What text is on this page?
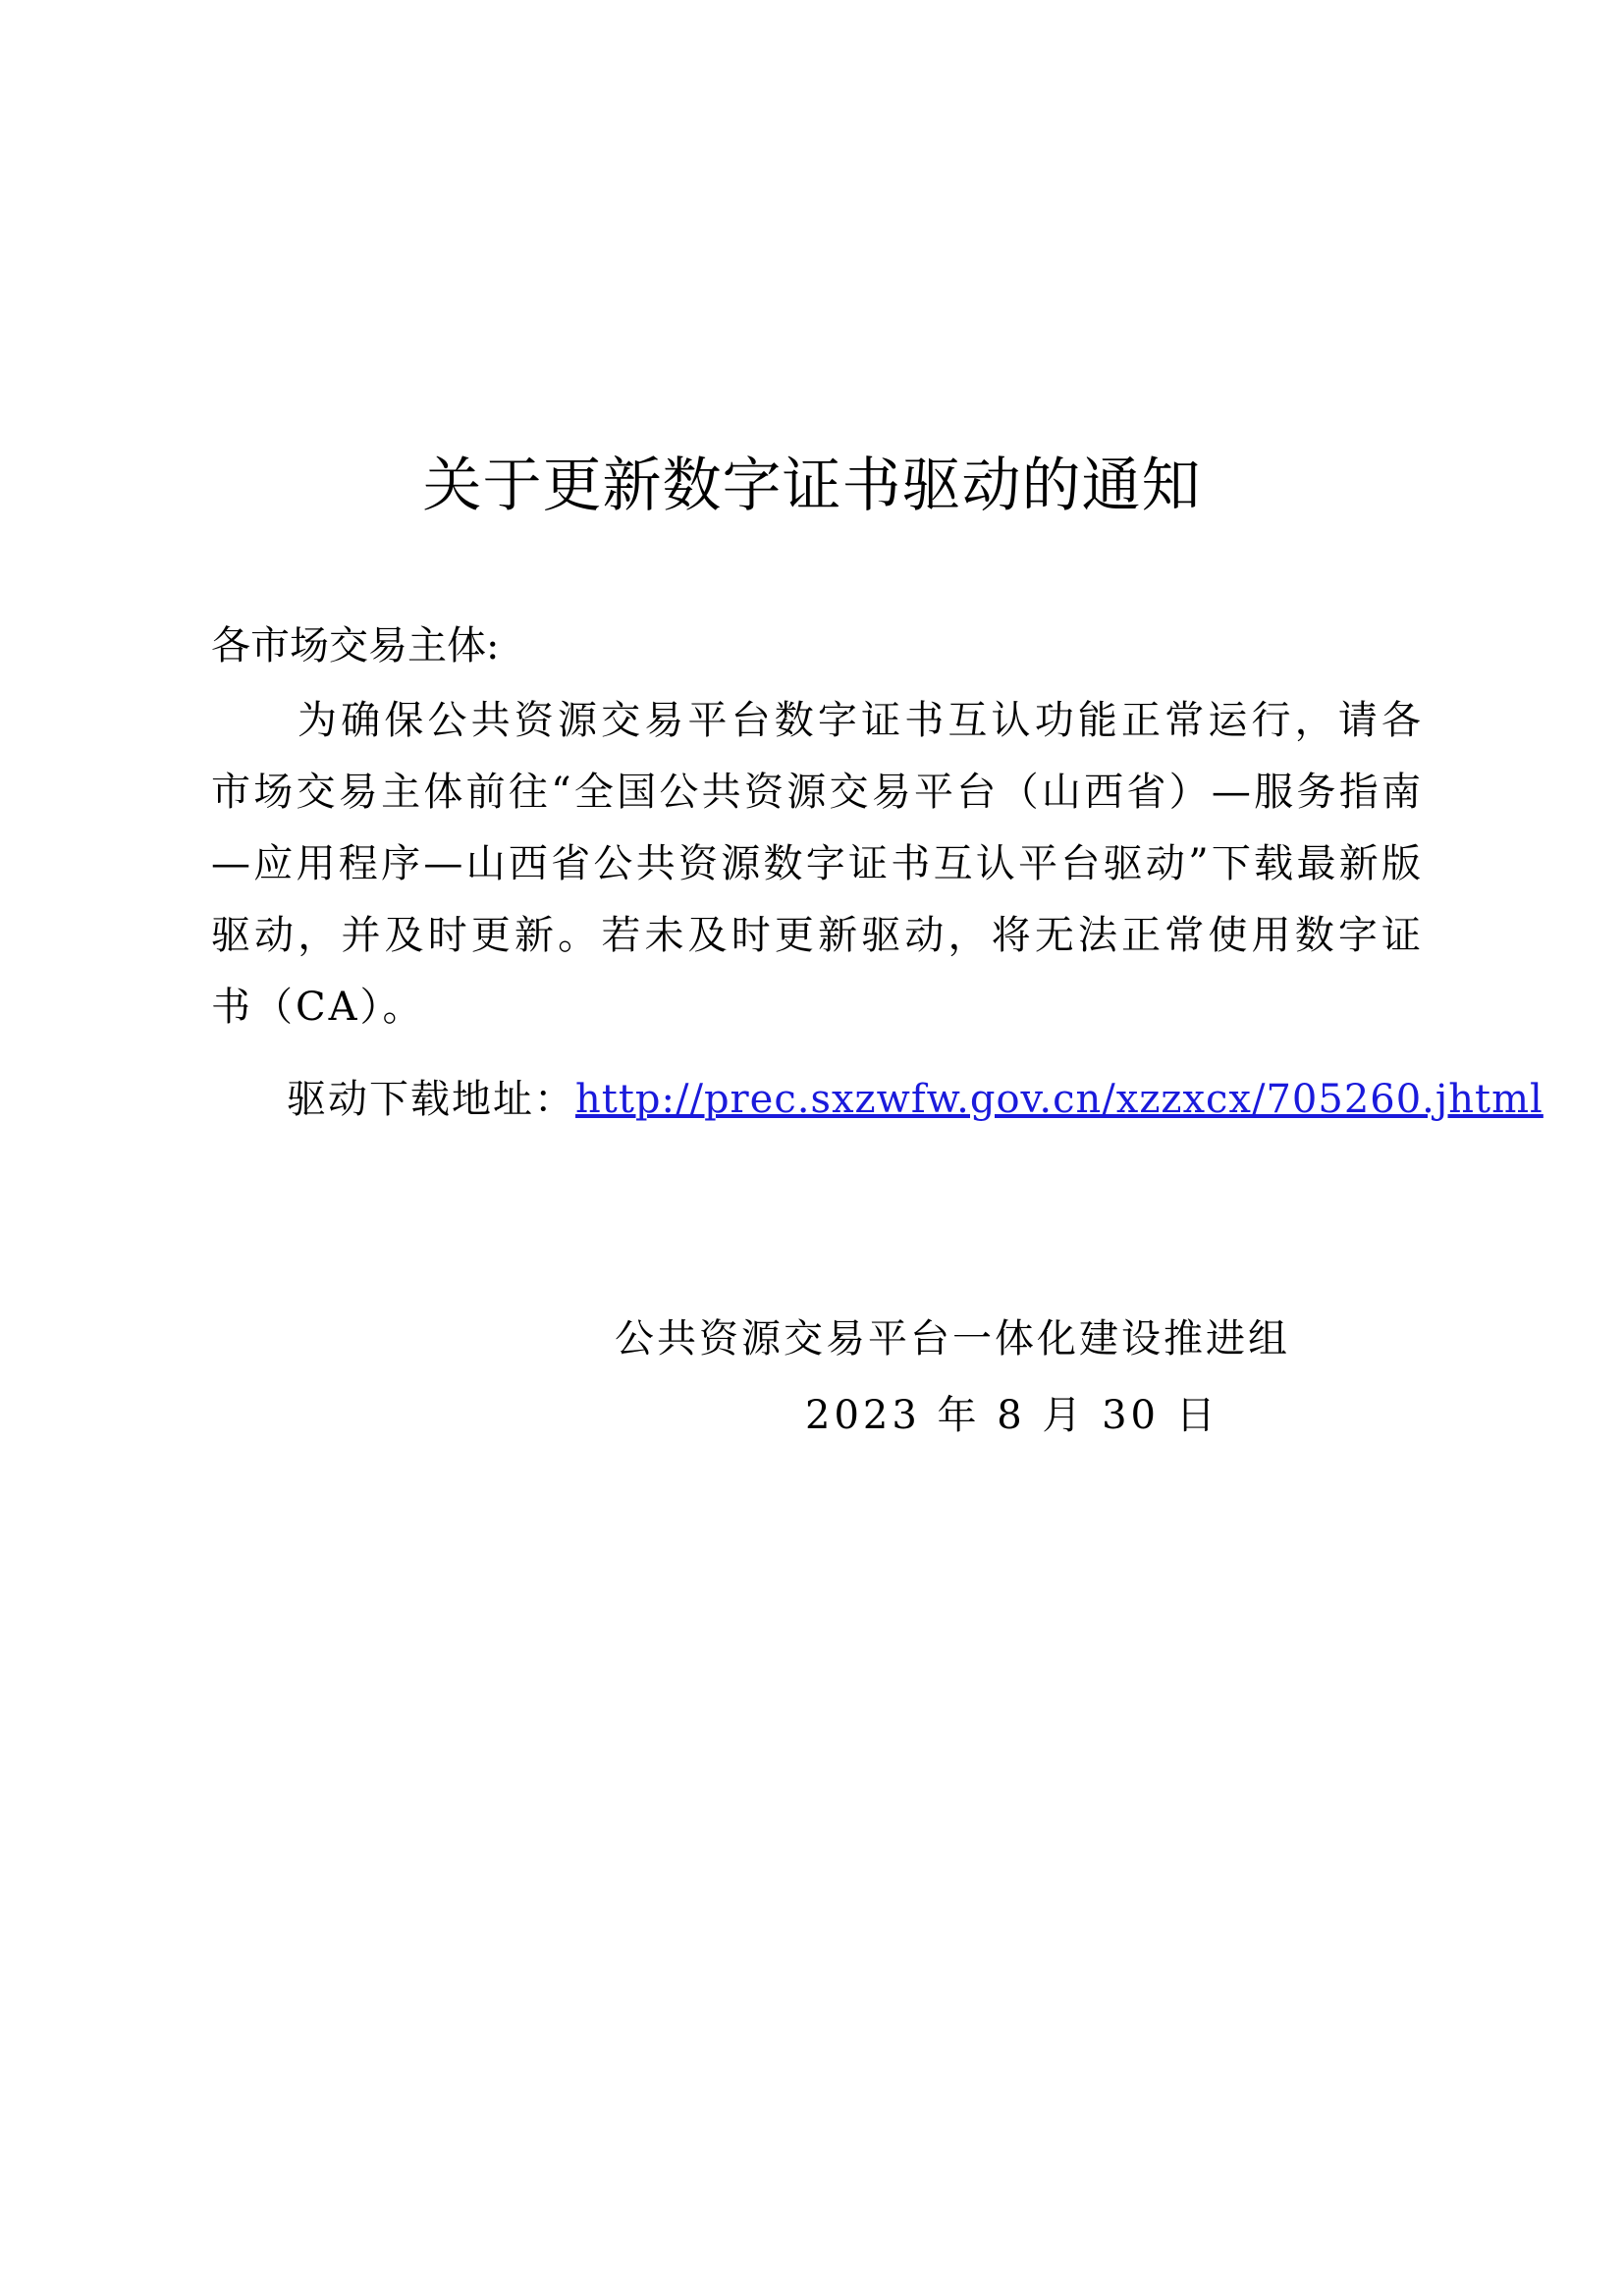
关于更新数字证书驱动的通知
各市场交易主体:
为确保公共资源交易平台数字证书互认功能正常运行，请各市场交易主体前往“全国公共资源交易平台（山西省）—服务指南—应用程序—山西省公共资源数字证书互认平台驱动”下载最新版驱动，并及时更新。若未及时更新驱动，将无法正常使用数字证书（CA）。
驱动下载地址：http://prec.sxzwfw.gov.cn/xzzxcx/705260.jhtml
公共资源交易平台一体化建设推进组
2023 年 8 月 30 日
